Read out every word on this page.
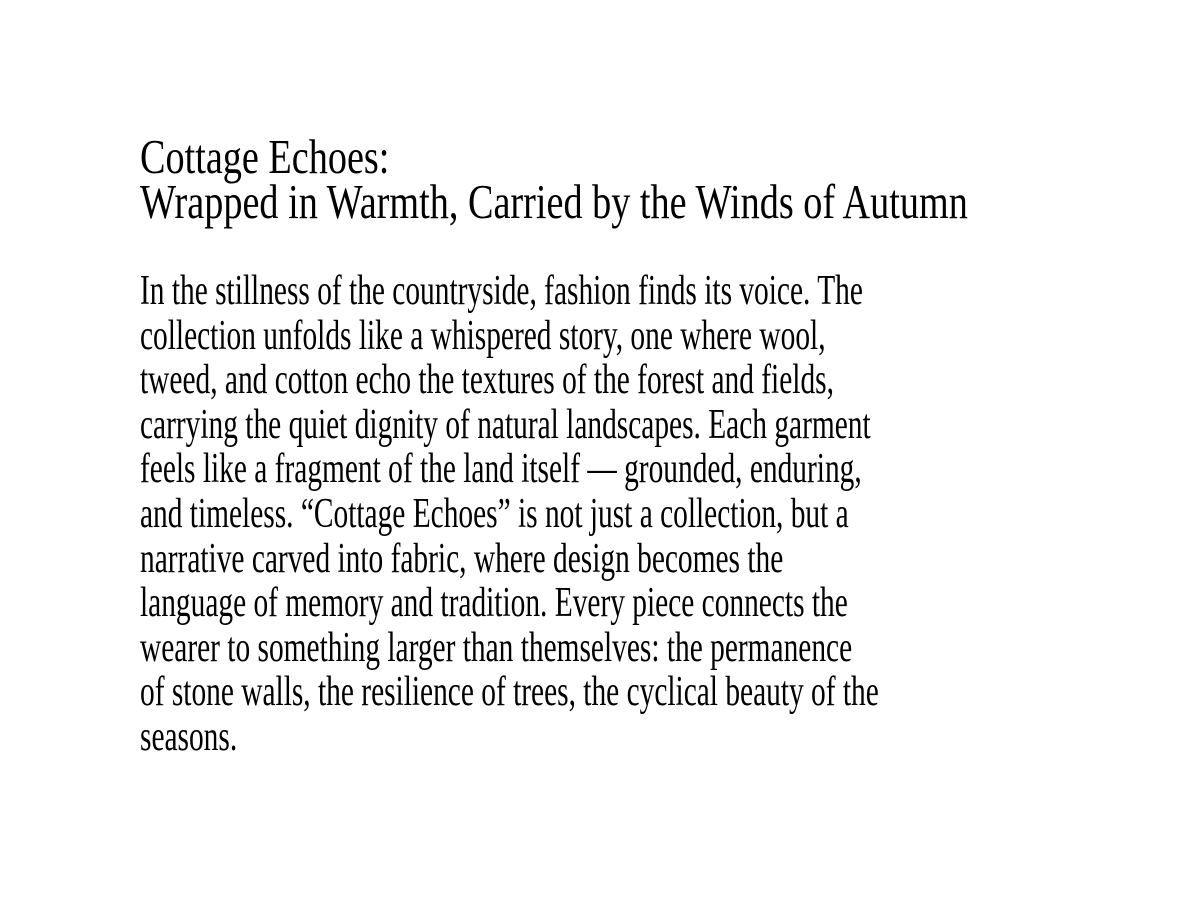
Cottage Echoes:
Wrapped in Warmth, Carried by the Winds of Autumn
In the stillness of the countryside, fashion finds its voice. The
collection unfolds like a whispered story, one where wool,
tweed, and cotton echo the textures of the forest and fields,
carrying the quiet dignity of natural landscapes. Each garment
feels like a fragment of the land itself — grounded, enduring,
and timeless. “Cottage Echoes” is not just a collection, but a
narrative carved into fabric, where design becomes the
language of memory and tradition. Every piece connects the
wearer to something larger than themselves: the permanence
of stone walls, the resilience of trees, the cyclical beauty of the
seasons.
